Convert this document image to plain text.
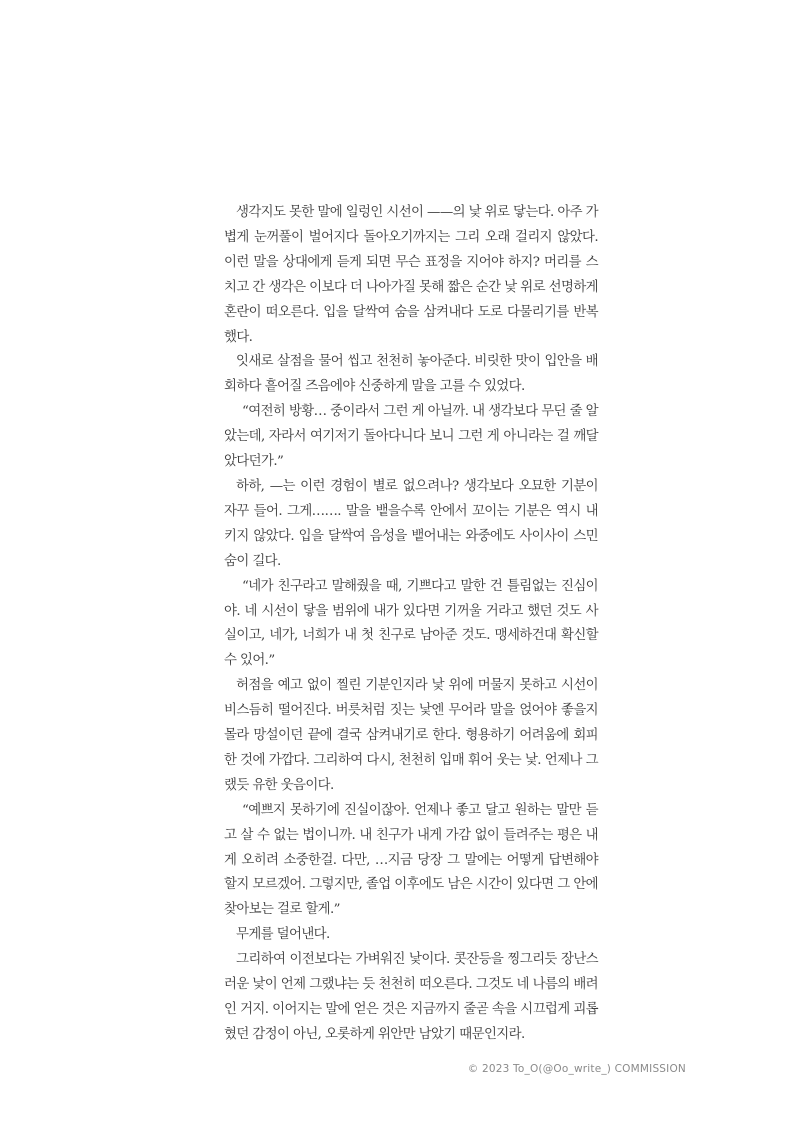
생각지도 못한 말에 일렁인 시선이 ——의 낯 위로 닿는다. 아주 가볍게 눈꺼풀이 벌어지다 돌아오기까지는 그리 오래 걸리지 않았다. 이런 말을 상대에게 듣게 되면 무슨 표정을 지어야 하지? 머리를 스치고 간 생각은 이보다 더 나아가질 못해 짧은 순간 낯 위로 선명하게 혼란이 떠오른다. 입을 달싹여 숨을 삼켜내다 도로 다물리기를 반복했다.

잇새로 살점을 물어 씹고 천천히 놓아준다. 비릿한 맛이 입안을 배회하다 흩어질 즈음에야 신중하게 말을 고를 수 있었다.

“여전히 방황… 중이라서 그런 게 아닐까. 내 생각보다 무딘 줄 알았는데, 자라서 여기저기 돌아다니다 보니 그런 게 아니라는 걸 깨달았다던가.”

하하, —는 이런 경험이 별로 없으려나? 생각보다 오묘한 기분이 자꾸 들어. 그게……. 말을 뱉을수록 안에서 꼬이는 기분은 역시 내키지 않았다. 입을 달싹여 음성을 뱉어내는 와중에도 사이사이 스민 숨이 길다.

“네가 친구라고 말해줬을 때, 기쁘다고 말한 건 틀림없는 진심이야. 네 시선이 닿을 범위에 내가 있다면 기꺼울 거라고 했던 것도 사실이고, 네가, 너희가 내 첫 친구로 남아준 것도. 맹세하건대 확신할 수 있어.”

허점을 예고 없이 찔린 기분인지라 낯 위에 머물지 못하고 시선이 비스듬히 떨어진다. 버릇처럼 짓는 낯엔 무어라 말을 얹어야 좋을지 몰라 망설이던 끝에 결국 삼켜내기로 한다. 형용하기 어려움에 회피한 것에 가깝다. 그리하여 다시, 천천히 입매 휘어 웃는 낯. 언제나 그랬듯 유한 웃음이다.

“예쁘지 못하기에 진실이잖아. 언제나 좋고 달고 원하는 말만 듣고 살 수 없는 법이니까. 내 친구가 내게 가감 없이 들려주는 평은 내게 오히려 소중한걸. 다만, …지금 당장 그 말에는 어떻게 답변해야 할지 모르겠어. 그렇지만, 졸업 이후에도 남은 시간이 있다면 그 안에 찾아보는 걸로 할게.”

무게를 덜어낸다.

그리하여 이전보다는 가벼워진 낯이다. 콧잔등을 찡그리듯 장난스러운 낯이 언제 그랬냐는 듯 천천히 떠오른다. 그것도 네 나름의 배려인 거지. 이어지는 말에 얻은 것은 지금까지 줄곧 속을 시끄럽게 괴롭혔던 감정이 아닌, 오롯하게 위안만 남았기 때문인지라.

© 2023 To_O(@Oo_write_) COMMISSION
